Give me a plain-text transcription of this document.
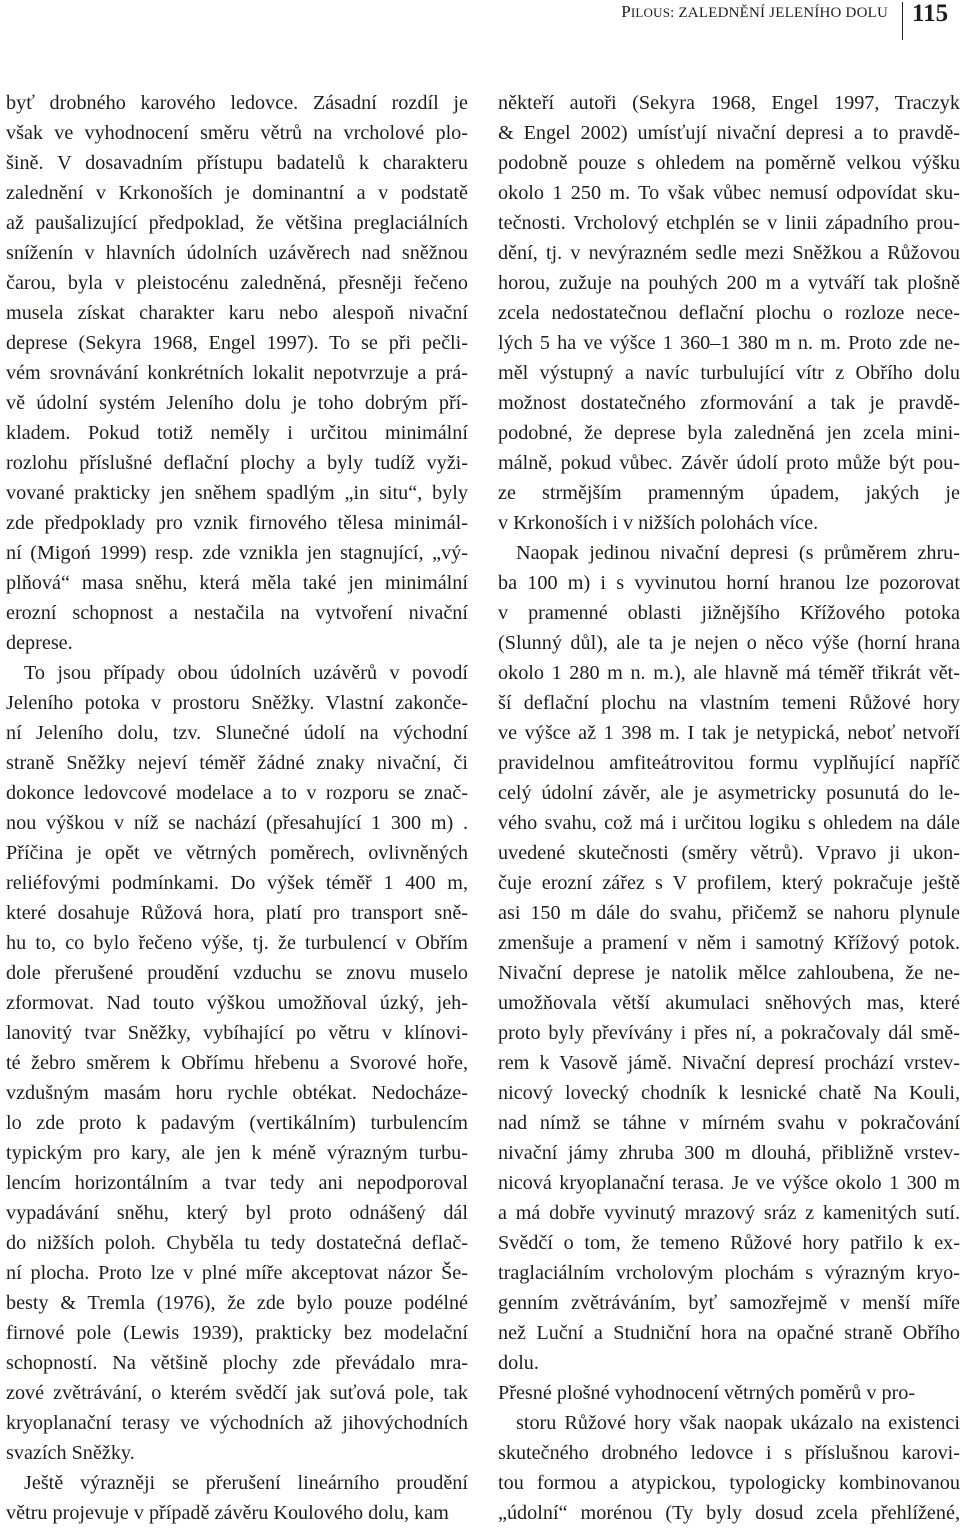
PILOUS: ZALEDNĚNÍ JELENÍHO DOLU 115
byť drobného karového ledovce. Zásadní rozdíl je
však ve vyhodnocení směru větrů na vrcholové plo-
šině. V dosavadním přístupu badatelů k charakteru
zalednění v Krkonoších je dominantní a v podstatě
až paušalizující předpoklad, že většina preglaciálních
sníženín v hlavních údolních uzávěrech nad sněžnou
čarou, byla v pleistocénu zaledněná, přesněji řečeno
musela získat charakter karu nebo alespoň nivační
deprese (Sekyra 1968, Engel 1997). To se při pečli-
vém srovnávání konkrétních lokalit nepotvrzuje a prá-
vě údolní systém Jeleního dolu je toho dobrým pří-
kladem. Pokud totiž neměly i určitou minimální
rozlohu příslušné deflační plochy a byly tudíž vyži-
vované prakticky jen sněhem spadlým „in situ“, byly
zde předpoklady pro vznik firnového tělesa minimál-
ní (Migoń 1999) resp. zde vznikla jen stagnující, „vý-
plňová“ masa sněhu, která měla také jen minimální
erozní schopnost a nestačila na vytvoření nivační
deprese.
To jsou případy obou údolních uzávěrů v povodí
Jeleního potoka v prostoru Sněžky. Vlastní zakonče-
ní Jeleního dolu, tzv. Slunečné údolí na východní
straně Sněžky nejeví téměř žádné znaky nivační, či
dokonce ledovcové modelace a to v rozporu se znač-
nou výškou v níž se nachází (přesahující 1 300 m) .
Příčina je opět ve větrných poměrech, ovlivněných
reliéfovými podmínkami. Do výšek téměř 1 400 m,
které dosahuje Růžová hora, platí pro transport sně-
hu to, co bylo řečeno výše, tj. že turbulencí v Obřím
dole přerušené proudění vzduchu se znovu muselo
zformovat. Nad touto výškou umožňoval úzký, jeh-
lanovitý tvar Sněžky, vybíhající po větru v klínovi-
té žebro směrem k Obřímu hřebenu a Svorové hoře,
vzdušným masám horu rychle obtékat. Nedocháze-
lo zde proto k padavým (vertikálním) turbulencím
typickým pro kary, ale jen k méně výrazným turbu-
lencím horizontálním a tvar tedy ani nepodporoval
vypadávání sněhu, který byl proto odnášený dál
do nižších poloh. Chyběla tu tedy dostatečná deflač-
ní plocha. Proto lze v plné míře akceptovat názor Še-
besty & Tremla (1976), že zde bylo pouze podélné
firnové pole (Lewis 1939), prakticky bez modelační
schopností. Na většině plochy zde převádalo mra-
zové zvětrávání, o kterém svědčí jak suťová pole, tak
kryoplanační terasy ve východních až jihovýchodních
svazích Sněžky.
Ještě výrazněji se přerušení lineárního proudění
větru projevuje v případě závěru Koulového dolu, kam
někteří autoři (Sekyra 1968, Engel 1997, Traczyk
& Engel 2002) umísťují nivační depresi a to pravdě-
podobně pouze s ohledem na poměrně velkou výšku
okolo 1 250 m. To však vůbec nemusí odpovídat sku-
tečnosti. Vrcholový etchplén se v linii západního prou-
dění, tj. v nevýrazném sedle mezi Sněžkou a Růžovou
horou, zužuje na pouhých 200 m a vytváří tak plošně
zcela nedostatečnou deflační plochu o rozloze nece-
lých 5 ha ve výšce 1 360–1 380 m n. m. Proto zde ne-
měl výstupný a navíc turbulující vítr z Obřího dolu
možnost dostatečného zformování a tak je pravdě-
podobné, že deprese byla zaledněná jen zcela mini-
málně, pokud vůbec. Závěr údolí proto může být pou-
ze strmějším pramenným úpadem, jakých je
v Krkonoších i v nižších polohách více.
Naopak jedinou nivační depresi (s průměrem zhru-
ba 100 m) i s vyvinutou horní hranou lze pozorovat
v pramenné oblasti jižnějšího Křížového potoka
(Slunný důl), ale ta je nejen o něco výše (horní hrana
okolo 1 280 m n. m.), ale hlavně má téměř třikrát vět-
ší deflační plochu na vlastním temeni Růžové hory
ve výšce až 1 398 m. I tak je netypická, neboť netvoří
pravidelnou amfiteátrovitou formu vyplňující napříč
celý údolní závěr, ale je asymetricky posunutá do le-
vého svahu, což má i určitou logiku s ohledem na dále
uvedené skutečnosti (směry větrů). Vpravo ji ukon-
čuje erozní zářez s V profilem, který pokračuje ještě
asi 150 m dále do svahu, přičemž se nahoru plynule
zmenšuje a pramení v něm i samotný Křížový potok.
Nivační deprese je natolik mělce zahloubena, že ne-
umožňovala větší akumulaci sněhových mas, které
proto byly převívány i přes ní, a pokračovaly dál smě-
rem k Vasově jámě. Nivační depresí prochází vrstev-
nicový lovecký chodník k lesnické chatě Na Kouli,
nad nímž se táhne v mírném svahu v pokračování
nivační jámy zhruba 300 m dlouhá, přibližně vrstev-
nicová kryoplanační terasa. Je ve výšce okolo 1 300 m
a má dobře vyvinutý mrazový sráz z kamenitých sutí.
Svědčí o tom, že temeno Růžové hory patřilo k ex-
traglaciálním vrcholovým plochám s výrazným kryo-
genním zvětráváním, byť samozřejmě v menší míře
než Luční a Studniční hora na opačné straně Obřího
dolu.
Přesné plošné vyhodnocení větrných poměrů v pro-
storu Růžové hory však naopak ukázalo na existenci
skutečného drobného ledovce i s příslušnou karovi-
tou formou a atypickou, typologicky kombinovanou
„údolní“ morénou (Ty byly dosud zcela přehlížené,
